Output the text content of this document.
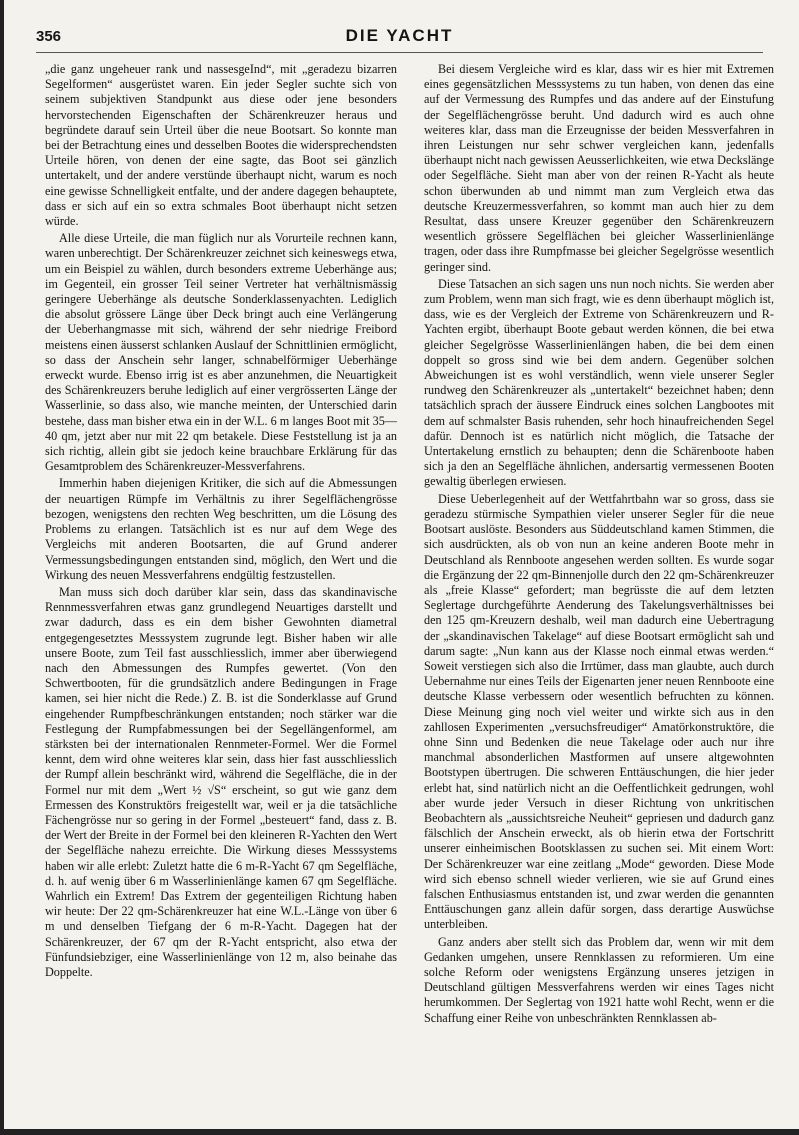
356	DIE YACHT

„die ganz ungeheuer rank und nassesgeInd“, mit „geradezu bizarren Segelformen“ ausgerüstet waren. Ein jeder Segler suchte sich von seinem subjektiven Standpunkt aus diese oder jene besonders hervorstechenden Eigenschaften der Schärenkreuzer heraus und begründete darauf sein Urteil über die neue Bootsart. So konnte man bei der Betrachtung eines und desselben Bootes die widersprechendsten Urteile hören, von denen der eine sagte, das Boot sei gänzlich untertakelt, und der andere verstünde überhaupt nicht, warum es noch eine gewisse Schnelligkeit entfalte, und der andere dagegen behauptete, dass er sich auf ein so extra schmales Boot überhaupt nicht setzen würde.

Alle diese Urteile, die man füglich nur als Vorurteile rechnen kann, waren unberechtigt. Der Schärenkreuzer zeichnet sich keineswegs etwa, um ein Beispiel zu wählen, durch besonders extreme Ueberhänge aus; im Gegenteil, ein grosser Teil seiner Vertreter hat verhältnismässig geringere Ueberhänge als deutsche Sonderklassenyachten. Lediglich die absolut grössere Länge über Deck bringt auch eine Verlängerung der Ueberhangmasse mit sich, während der sehr niedrige Freibord meistens einen äusserst schlanken Auslauf der Schnittlinien ermöglicht, so dass der Anschein sehr langer, schnabelförmiger Ueberhänge erweckt wurde. Ebenso irrig ist es aber anzunehmen, die Neuartigkeit des Schärenkreuzers beruhe lediglich auf einer vergrösserten Länge der Wasserlinie, so dass also, wie manche meinten, der Unterschied darin bestehe, dass man bisher etwa ein in der W.L. 6 m langes Boot mit 35—40 qm, jetzt aber nur mit 22 qm betakele. Diese Feststellung ist ja an sich richtig, allein gibt sie jedoch keine brauchbare Erklärung für das Gesamtproblem des Schärenkreuzer-Messverfahrens.

Immerhin haben diejenigen Kritiker, die sich auf die Abmessungen der neuartigen Rümpfe im Verhältnis zu ihrer Segelflächengrösse bezogen, wenigstens den rechten Weg beschritten, um die Lösung des Problems zu erlangen. Tatsächlich ist es nur auf dem Wege des Vergleichs mit anderen Bootsarten, die auf Grund anderer Vermessungsbedingungen entstanden sind, möglich, den Wert und die Wirkung des neuen Messverfahrens endgültig festzustellen.

Man muss sich doch darüber klar sein, dass das skandinavische Rennmessverfahren etwas ganz grundlegend Neuartiges darstellt und zwar dadurch, dass es ein dem bisher Gewohnten diametral entgegengesetztes Messsystem zugrunde legt. Bisher haben wir alle unsere Boote, zum Teil fast ausschliesslich, immer aber überwiegend nach den Abmessungen des Rumpfes gewertet. (Von den Schwertbooten, für die grundsätzlich andere Bedingungen in Frage kamen, sei hier nicht die Rede.) Z. B. ist die Sonderklasse auf Grund eingehender Rumpfbeschränkungen entstanden; noch stärker war die Festlegung der Rumpfabmessungen bei der Segellängenformel, am stärksten bei der internationalen Rennmeter-Formel. Wer die Formel kennt, dem wird ohne weiteres klar sein, dass hier fast ausschliesslich der Rumpf allein beschränkt wird, während die Segelfläche, die in der Formel nur mit dem „Wert ½ √S“ erscheint, so gut wie ganz dem Ermessen des Konstruktörs freigestellt war, weil er ja die tatsächliche Fächengrösse nur so gering in der Formel „besteuert“ fand, dass z. B. der Wert der Breite in der Formel bei den kleineren R-Yachten den Wert der Segelfläche nahezu erreichte. Die Wirkung dieses Messsystems haben wir alle erlebt: Zuletzt hatte die 6 m-R-Yacht 67 qm Segelfläche, d. h. auf wenig über 6 m Wasserlinienlänge kamen 67 qm Segelfläche. Wahrlich ein Extrem! Das Extrem der gegenteiligen Richtung haben wir heute: Der 22 qm-Schärenkreuzer hat eine W.L.-Länge von über 6 m und denselben Tiefgang der 6 m-R-Yacht. Dagegen hat der Schärenkreuzer, der 67 qm der R-Yacht entspricht, also etwa der Fünfundsiebziger, eine Wasserlinienlänge von 12 m, also beinahe das Doppelte.

Bei diesem Vergleiche wird es klar, dass wir es hier mit Extremen eines gegensätzlichen Messsystems zu tun haben, von denen das eine auf der Vermessung des Rumpfes und das andere auf der Einstufung der Segelflächengrösse beruht. Und dadurch wird es auch ohne weiteres klar, dass man die Erzeugnisse der beiden Messverfahren in ihren Leistungen nur sehr schwer vergleichen kann, jedenfalls überhaupt nicht nach gewissen Aeusserlichkeiten, wie etwa Deckslänge oder Segelfläche. Sieht man aber von der reinen R-Yacht als heute schon überwunden ab und nimmt man zum Vergleich etwa das deutsche Kreuzermessverfahren, so kommt man auch hier zu dem Resultat, dass unsere Kreuzer gegenüber den Schärenkreuzern wesentlich grössere Segelflächen bei gleicher Wasserlinienlänge tragen, oder dass ihre Rumpfmasse bei gleicher Segelgrösse wesentlich geringer sind.

Diese Tatsachen an sich sagen uns nun noch nichts. Sie werden aber zum Problem, wenn man sich fragt, wie es denn überhaupt möglich ist, dass, wie es der Vergleich der Extreme von Schärenkreuzern und R-Yachten ergibt, überhaupt Boote gebaut werden können, die bei etwa gleicher Segelgrösse Wasserlinienlängen haben, die bei dem einen doppelt so gross sind wie bei dem andern. Gegenüber solchen Abweichungen ist es wohl verständlich, wenn viele unserer Segler rundweg den Schärenkreuzer als „untertakelt“ bezeichnet haben; denn tatsächlich sprach der äussere Eindruck eines solchen Langbootes mit dem auf schmalster Basis ruhenden, sehr hoch hinaufreichenden Segel dafür. Dennoch ist es natürlich nicht möglich, die Tatsache der Untertakelung ernstlich zu behaupten; denn die Schärenboote haben sich ja den an Segelfläche ähnlichen, andersartig vermessenen Booten gewaltig überlegen erwiesen.

Diese Ueberlegenheit auf der Wettfahrtbahn war so gross, dass sie geradezu stürmische Sympathien vieler unserer Segler für die neue Bootsart auslöste. Besonders aus Süddeutschland kamen Stimmen, die sich ausdrückten, als ob von nun an keine anderen Boote mehr in Deutschland als Rennboote angesehen werden sollten. Es wurde sogar die Ergänzung der 22 qm-Binnenjolle durch den 22 qm-Schärenkreuzer als „freie Klasse“ gefordert; man begrüsste die auf dem letzten Seglertage durchgeführte Aenderung des Takelungsverhältnisses bei den 125 qm-Kreuzern deshalb, weil man dadurch eine Uebertragung der „skandinavischen Takelage“ auf diese Bootsart ermöglicht sah und darum sagte: „Nun kann aus der Klasse noch einmal etwas werden.“ Soweit verstiegen sich also die Irrtümer, dass man glaubte, auch durch Uebernahme nur eines Teils der Eigenarten jener neuen Rennboote eine deutsche Klasse verbessern oder wesentlich befruchten zu können. Diese Meinung ging noch viel weiter und wirkte sich aus in den zahllosen Experimenten „versuchsfreudiger“ Amatörkonstruktöre, die ohne Sinn und Bedenken die neue Takelage oder auch nur ihre manchmal absonderlichen Mastformen auf unsere altgewohnten Bootstypen übertrugen. Die schweren Enttäuschungen, die hier jeder erlebt hat, sind natürlich nicht an die Oeffentlichkeit gedrungen, wohl aber wurde jeder Versuch in dieser Richtung von unkritischen Beobachtern als „aussichtsreiche Neuheit“ gepriesen und dadurch ganz fälschlich der Anschein erweckt, als ob hierin etwa der Fortschritt unserer einheimischen Bootsklassen zu suchen sei. Mit einem Wort: Der Schärenkreuzer war eine zeitlang „Mode“ geworden. Diese Mode wird sich ebenso schnell wieder verlieren, wie sie auf Grund eines falschen Enthusiasmus entstanden ist, und zwar werden die genannten Enttäuschungen ganz allein dafür sorgen, dass derartige Auswüchse unterbleiben.

Ganz anders aber stellt sich das Problem dar, wenn wir mit dem Gedanken umgehen, unsere Rennklassen zu reformieren. Um eine solche Reform oder wenigstens Ergänzung unseres jetzigen in Deutschland gültigen Messverfahrens werden wir eines Tages nicht herumkommen. Der Seglertag von 1921 hatte wohl Recht, wenn er die Schaffung einer Reihe von unbeschränkten Rennklassen ab-
